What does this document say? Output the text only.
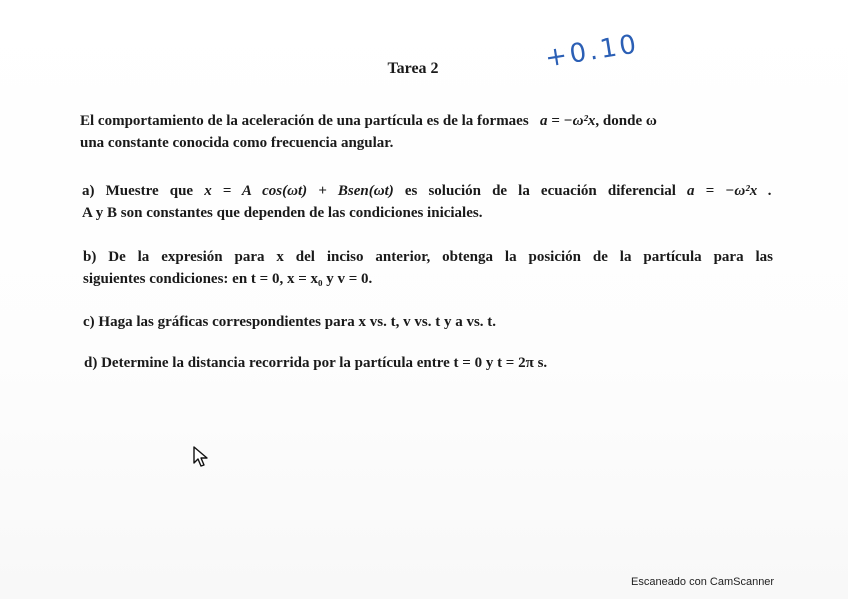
Tarea 2	+0.10
El comportamiento de la aceleración de una partícula es de la formaes a = −ω²x, donde ω
una constante conocida como frecuencia angular.
a) Muestre que x = A cos(ωt) + Bsen(ωt) es solución de la ecuación diferencial a = −ω²x .
A y B son constantes que dependen de las condiciones iniciales.
b) De la expresión para x del inciso anterior, obtenga la posición de la partícula para las
siguientes condiciones: en t = 0, x = x₀ y v = 0.
c) Haga las gráficas correspondientes para x vs. t, v vs. t y a vs. t.
d) Determine la distancia recorrida por la partícula entre t = 0 y t = 2π s.
Escaneado con CamScanner
